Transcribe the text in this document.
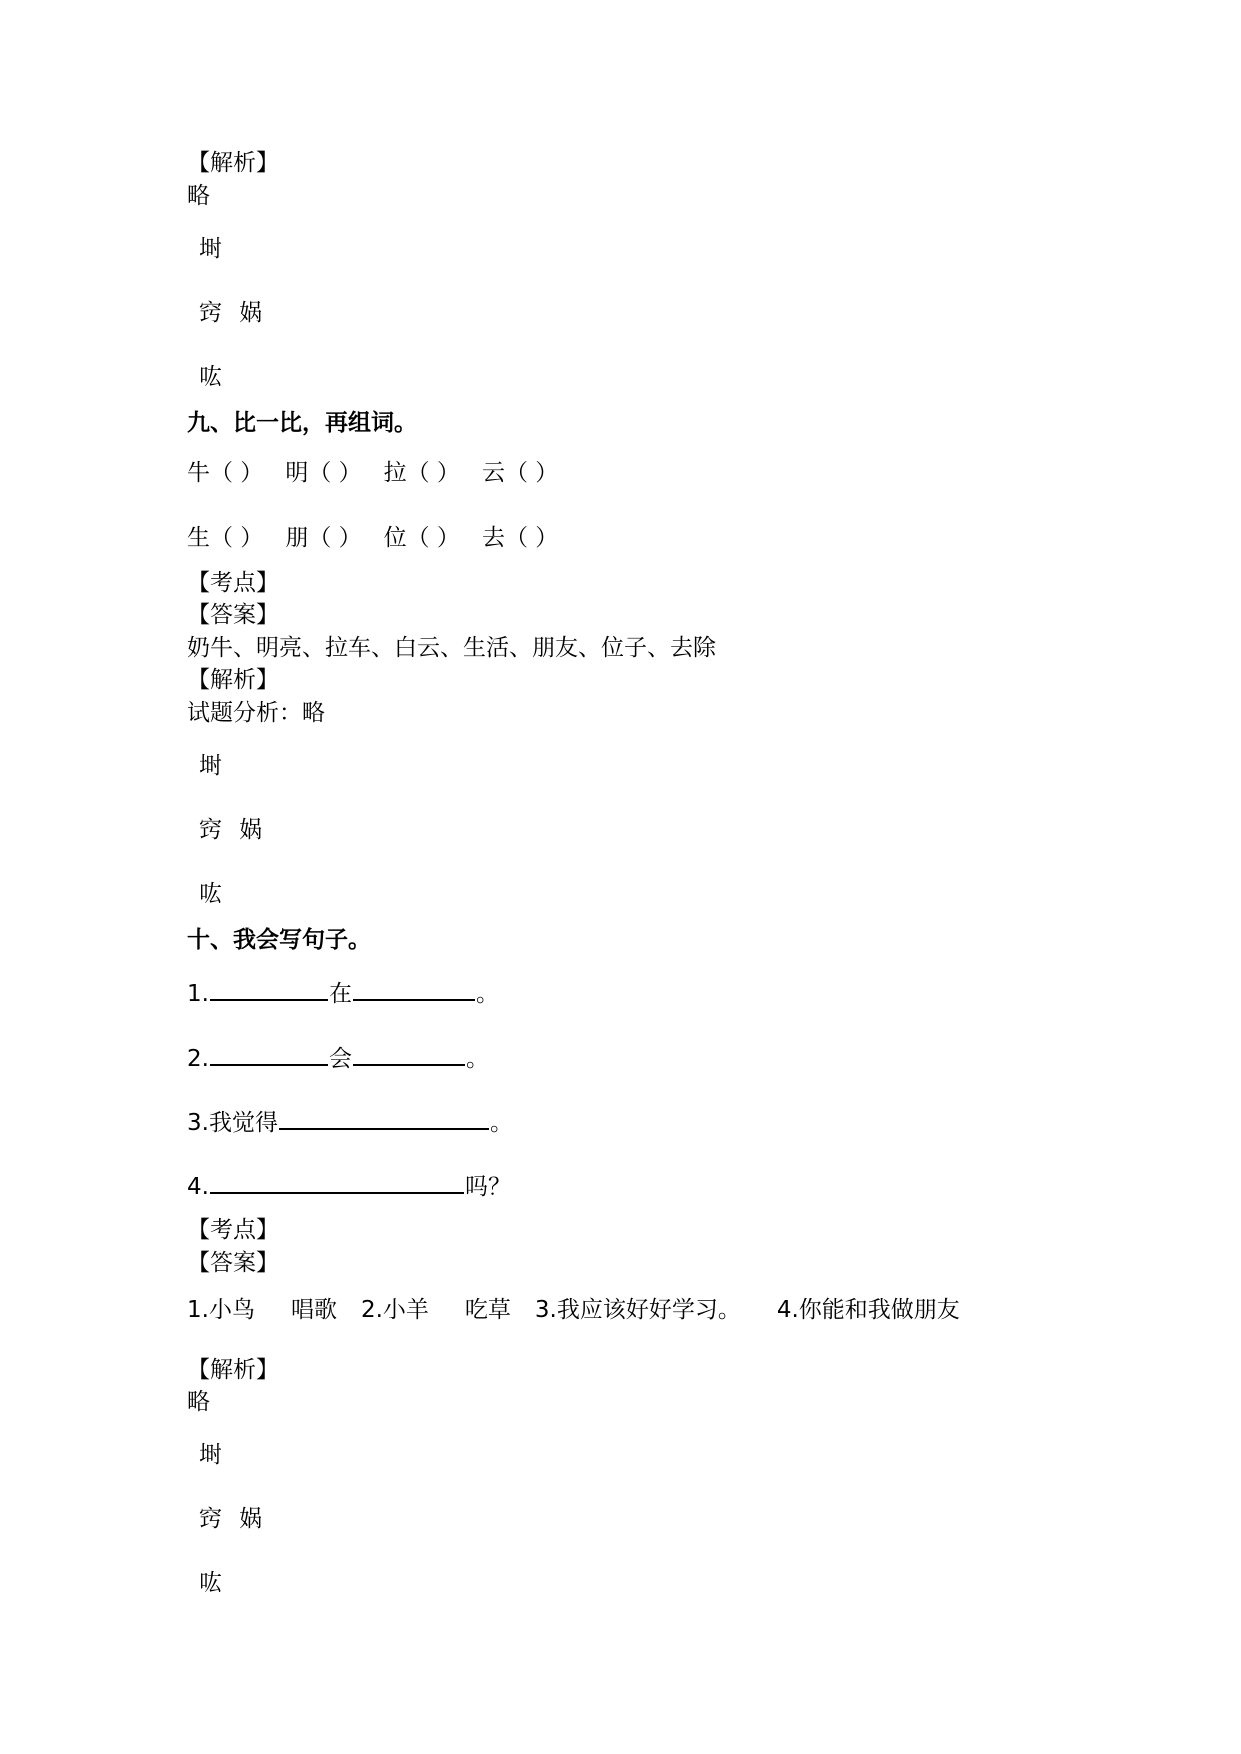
【解析】
略
埘
窍 娲
吰
九、比一比，再组词。
牛（ ） 明（ ） 拉（ ） 云（ ）
生（ ） 朋（ ） 位（ ） 去（ ）
【考点】
【答案】
奶牛、明亮、拉车、白云、生活、朋友、位子、去除
【解析】
试题分析：略
埘
窍 娲
吰
十、我会写句子。
1.	在	。
2.	会	。
3.我觉得	。
4.	吗？
【考点】
【答案】
1.小鸟 唱歌 2.小羊 吃草 3.我应该好好学习。 4.你能和我做朋友
【解析】
略
埘
窍 娲
吰
